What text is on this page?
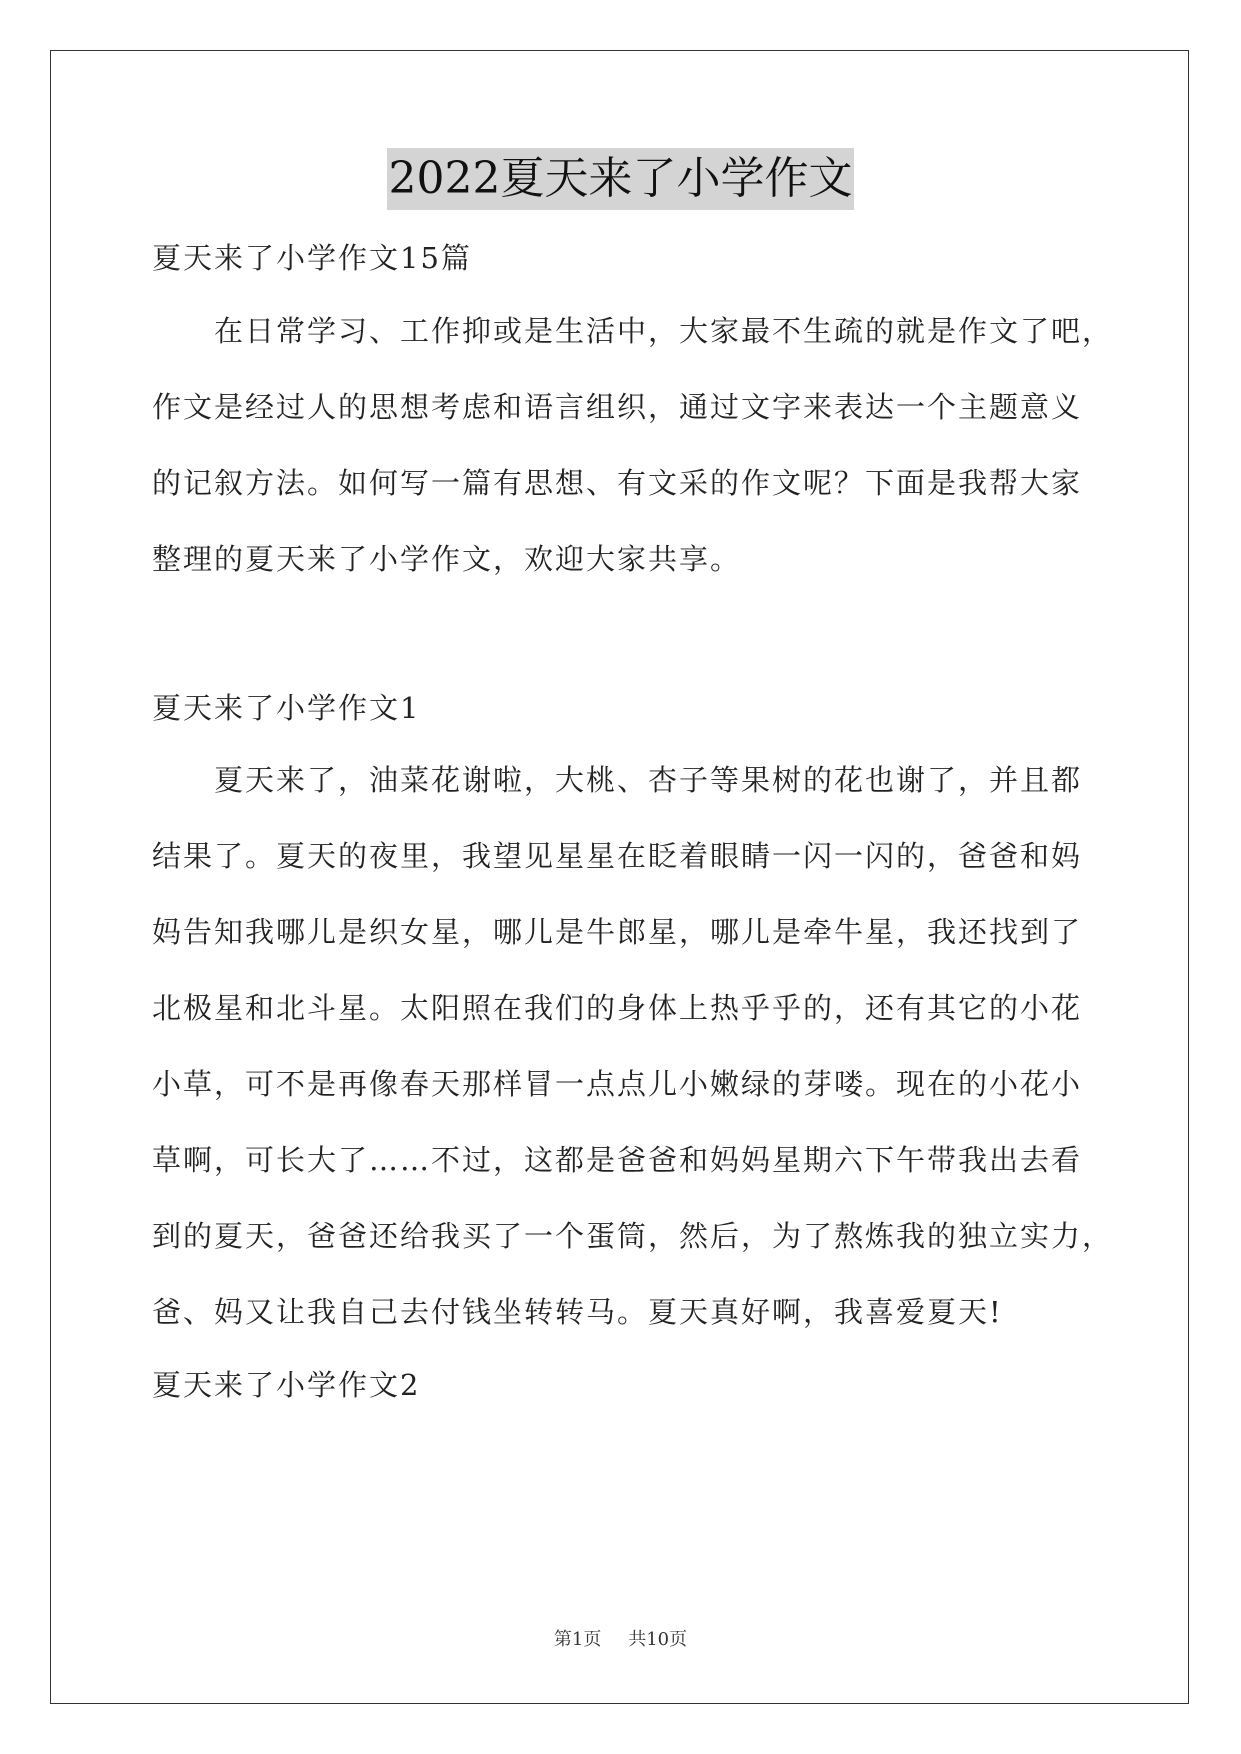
2022夏天来了小学作文

夏天来了小学作文15篇

在日常学习、工作抑或是生活中，大家最不生疏的就是作文了吧，

作文是经过人的思想考虑和语言组织，通过文字来表达一个主题意义

的记叙方法。如何写一篇有思想、有文采的作文呢？下面是我帮大家

整理的夏天来了小学作文，欢迎大家共享。

夏天来了小学作文1

夏天来了，油菜花谢啦，大桃、杏子等果树的花也谢了，并且都

结果了。夏天的夜里，我望见星星在眨着眼睛一闪一闪的，爸爸和妈

妈告知我哪儿是织女星，哪儿是牛郎星，哪儿是牵牛星，我还找到了

北极星和北斗星。太阳照在我们的身体上热乎乎的，还有其它的小花

小草，可不是再像春天那样冒一点点儿小嫩绿的芽喽。现在的小花小

草啊，可长大了……不过，这都是爸爸和妈妈星期六下午带我出去看

到的夏天，爸爸还给我买了一个蛋筒，然后，为了熬炼我的独立实力，

爸、妈又让我自己去付钱坐转转马。夏天真好啊，我喜爱夏天!

夏天来了小学作文2

第1页 共10页
